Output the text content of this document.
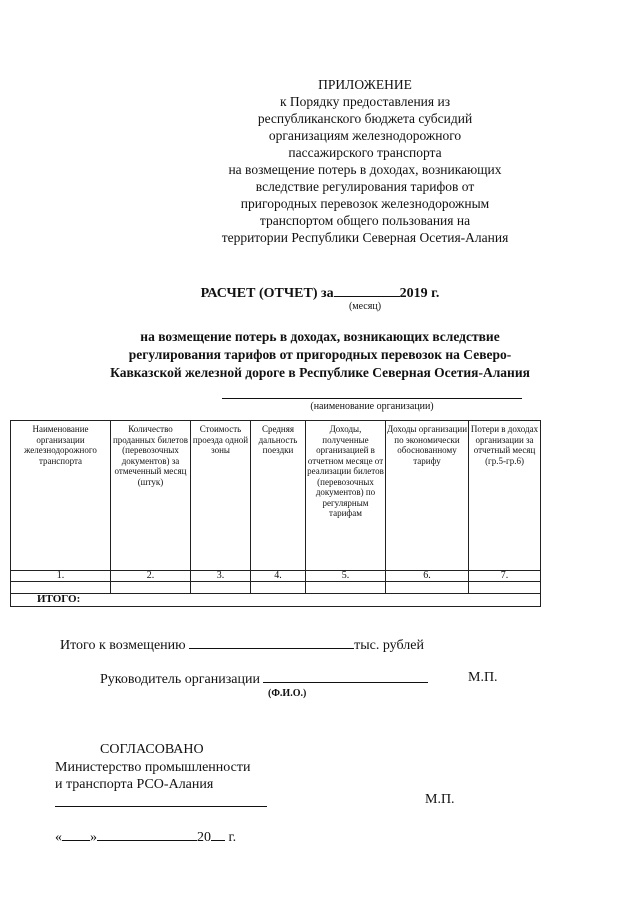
ПРИЛОЖЕНИЕ
к Порядку предоставления из
республиканского бюджета субсидий
организациям железнодорожного
пассажирского транспорта
на возмещение потерь в доходах, возникающих
вследствие регулирования тарифов от
пригородных перевозок железнодорожным
транспортом общего пользования на
территории Республики Северная Осетия-Алания
РАСЧЕТ (ОТЧЕТ) за	2019 г.
(месяц)
на возмещение потерь в доходах, возникающих вследствие
регулирования тарифов от пригородных перевозок на Северо-
Кавказской железной дороге в Республике Северная Осетия-Алания
(наименование организации)
Наименование организации железнодорожного транспорта	Количество проданных билетов (перевозочных документов) за отмеченный месяц (штук)	Стоимость проезда одной зоны	Средняя дальность поездки	Доходы, полученные организацией в отчетном месяце от реализации билетов (перевозочных документов) по регулярным тарифам	Доходы организации по экономически обоснованному тарифу	Потери в доходах организации за отчетный месяц (гр.5-гр.6)
1.	2.	3.	4.	5.	6.	7.

ИТОГО:						
Итого к возмещению	тыс. рублей
Руководитель организации	М.П.
(Ф.И.О.)
СОГЛАСОВАНО
Министерство промышленности
и транспорта РСО-Алания
М.П.
« »	20 г.
